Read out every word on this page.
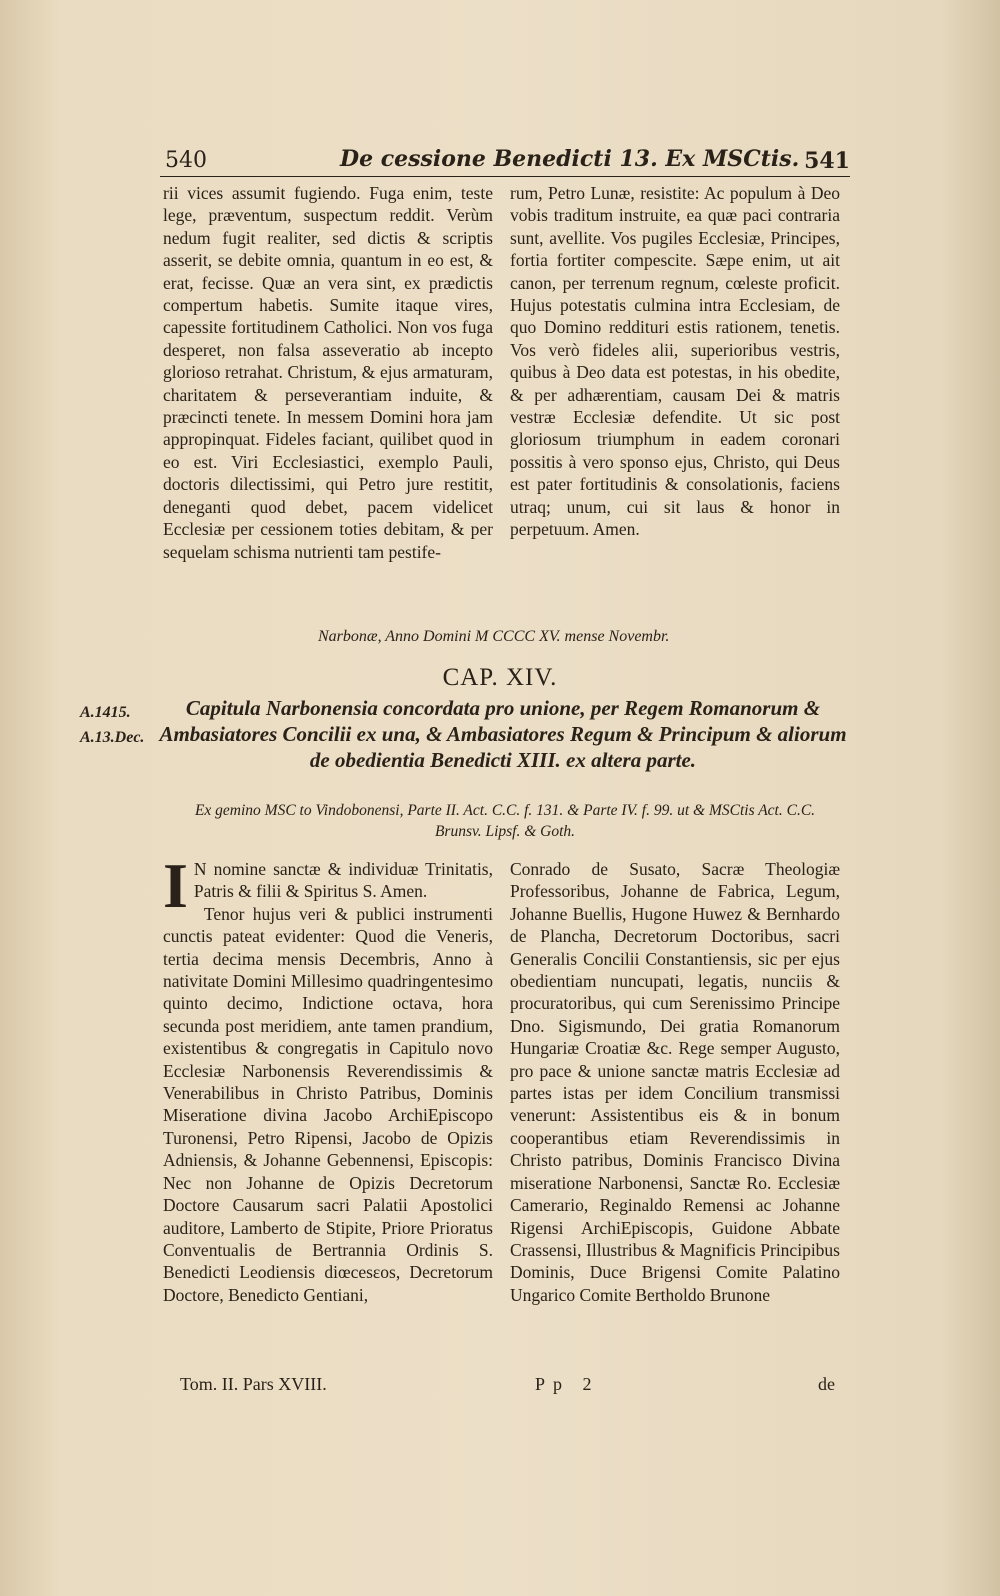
540	De cessione Benedicti 13. Ex MSCtis. 541

rii vices assumit fugiendo. Fuga enim, teste lege, præventum, suspectum reddit. Verùm nedum fugit realiter, sed dictis & scriptis asserit, se debite omnia, quantum in eo est, & erat, fecisse. Quæ an vera sint, ex prædictis compertum habetis. Sumite itaque vires, capessite fortitudinem Catholici. Non vos fuga desperet, non falsa asseveratio ab incepto glorioso retrahat. Christum, & ejus armaturam, charitatem & perseverantiam induite, & præcincti tenete. In messem Domini hora jam appropinquat. Fideles faciant, quilibet quod in eo est. Viri Ecclesiastici, exemplo Pauli, doctoris dilectissimi, qui Petro jure restitit, deneganti quod debet, pacem videlicet Ecclesiæ per cessionem toties debitam, & per sequelam schisma nutrienti tam pestife-

rum, Petro Lunæ, resistite: Ac populum à Deo vobis traditum instruite, ea quæ paci contraria sunt, avellite. Vos pugiles Ecclesiæ, Principes, fortia fortiter compescite. Sæpe enim, ut ait canon, per terrenum regnum, cœleste proficit. Hujus potestatis culmina intra Ecclesiam, de quo Domino reddituri estis rationem, tenetis. Vos verò fideles alii, superioribus vestris, quibus à Deo data est potestas, in his obedite, & per adhærentiam, causam Dei & matris vestræ Ecclesiæ defendite. Ut sic post gloriosum triumphum in eadem coronari possitis à vero sponso ejus, Christo, qui Deus est pater fortitudinis & consolationis, faciens utraq; unum, cui sit laus & honor in perpetuum. Amen.

Narbonæ, Anno Domini M CCCC XV. mense Novembr.
CAP. XIV.
A.1415.
A.13.Dec.
Capitula Narbonensia concordata pro unione, per Regem Romanorum & Ambasiatores Concilii ex una, & Ambasiatores Regum & Principum & aliorum de obedientia Benedicti XIII. ex altera parte.
Ex gemino MSC to Vindobonensi, Parte II. Act. C.C. f. 131. & Parte IV. f. 99. ut & MSCtis Act. C.C. Brunsv. Lipsf. & Goth.

I N nomine sanctæ & individuæ Trinitatis, Patris & filii & Spiritus S. Amen.

Tenor hujus veri & publici instrumenti cunctis pateat evidenter: Quod die Veneris, tertia decima mensis Decembris, Anno à nativitate Domini Millesimo quadringentesimo quinto decimo, Indictione octava, hora secunda post meridiem, ante tamen prandium, existentibus & congregatis in Capitulo novo Ecclesiæ Narbonensis Reverendissimis & Venerabilibus in Christo Patribus, Dominis Miseratione divina Jacobo ArchiEpiscopo Turonensi, Petro Ripensi, Jacobo de Opizis Adniensis, & Johanne Gebennensi, Episcopis: Nec non Johanne de Opizis Decretorum Doctore Causarum sacri Palatii Apostolici auditore, Lamberto de Stipite, Priore Prioratus Conventualis de Bertrannia Ordinis S. Benedicti Leodiensis diœcesεos, Decretorum Doctore, Benedicto Gentiani,

Conrado de Susato, Sacræ Theologiæ Professoribus, Johanne de Fabrica, Legum, Johanne Buellis, Hugone Huwez & Bernhardo de Plancha, Decretorum Doctoribus, sacri Generalis Concilii Constantiensis, sic per ejus obedientiam nuncupati, legatis, nunciis & procuratoribus, qui cum Serenissimo Principe Dno. Sigismundo, Dei gratia Romanorum Hungariæ Croatiæ &c. Rege semper Augusto, pro pace & unione sanctæ matris Ecclesiæ ad partes istas per idem Concilium transmissi venerunt: Assistentibus eis & in bonum cooperantibus etiam Reverendissimis in Christo patribus, Dominis Francisco Divina miseratione Narbonensi, Sanctæ Ro. Ecclesiæ Camerario, Reginaldo Remensi ac Johanne Rigensi ArchiEpiscopis, Guidone Abbate Crassensi, Illustribus & Magnificis Principibus Dominis, Duce Brigensi Comite Palatino Ungarico Comite Bertholdo Brunone

Tom. II. Pars XVIII.	Pp 2	de
